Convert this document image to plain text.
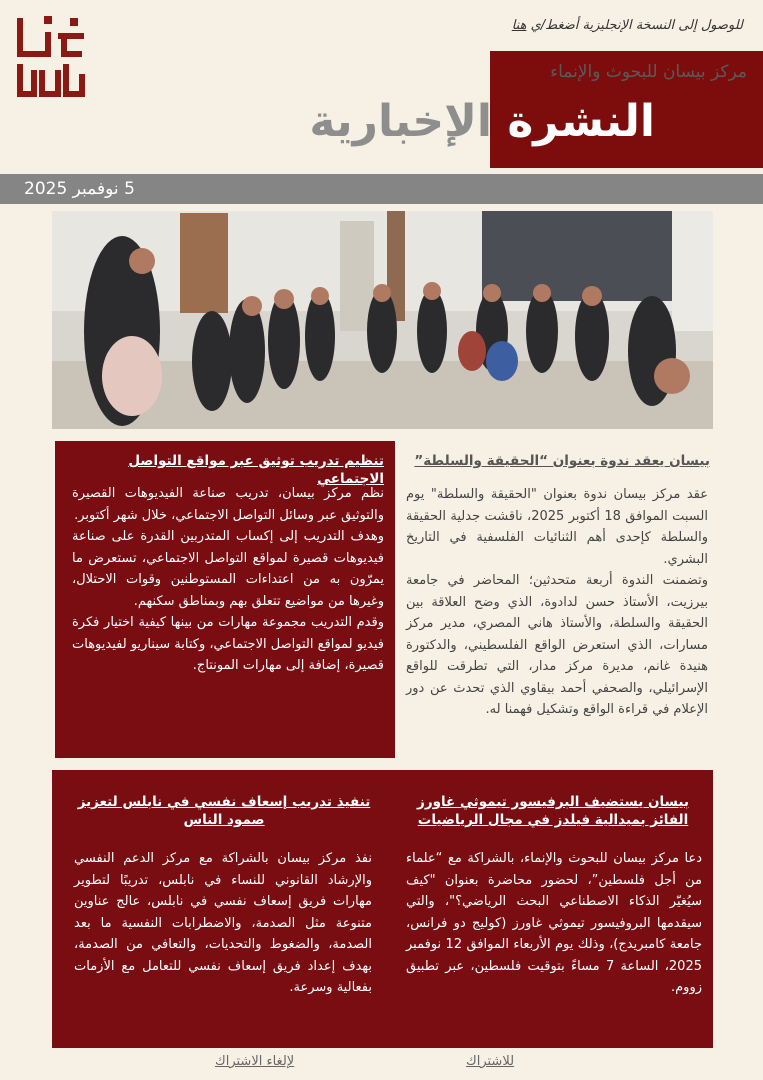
للوصول إلى النسخة الإنجليزية أضغط/ي هنا
مركز بيسان للبحوث والإنماء
النشرة الإخبارية
5 نوفمبر 2025
بيسان يعقد ندوة بعنوان “الحقيقة والسلطة”

عقد مركز بيسان ندوة بعنوان "الحقيقة والسلطة" يوم السبت الموافق 18 أكتوبر 2025، ناقشت جدلية الحقيقة والسلطة كإحدى أهم الثنائيات الفلسفية في التاريخ البشري.

وتضمنت الندوة أربعة متحدثين؛ المحاضر في جامعة بيرزيت، الأستاذ حسن لدادوة، الذي وضح العلاقة بين الحقيقة والسلطة، والأستاذ هاني المصري، مدير مركز مسارات، الذي استعرض الواقع الفلسطيني، والدكتورة هنيدة غانم، مديرة مركز مدار، التي تطرقت للواقع الإسرائيلي، والصحفي أحمد بيقاوي الذي تحدث عن دور الإعلام في قراءة الواقع وتشكيل فهمنا له.

تنظيم تدريب توثيق عبر مواقع التواصل الاجتماعي

نظم مركز بيسان، تدريب صناعة الفيديوهات القصيرة والتوثيق عبر وسائل التواصل الاجتماعي، خلال شهر أكتوبر.

وهدف التدريب إلى إكساب المتدربين القدرة على صناعة فيديوهات قصيرة لمواقع التواصل الاجتماعي، تستعرض ما يمرّون به من اعتداءات المستوطنين وقوات الاحتلال، وغيرها من مواضيع تتعلق بهم وبمناطق سكنهم.

وقدم التدريب مجموعة مهارات من بينها كيفية اختيار فكرة فيديو لمواقع التواصل الاجتماعي، وكتابة سيناريو لفيديوهات قصيرة، إضافة إلى مهارات المونتاج.

بيسان يستضيف البرفيسور تيموثي غاورز الفائز بميدالية فيلدز في مجال الرياضيات

دعا مركز بيسان للبحوث والإنماء، بالشراكة مع “علماء من أجل فلسطين”، لحضور محاضرة بعنوان "كيف سيُغيّر الذكاء الاصطناعي البحث الرياضي؟"، والتي سيقدمها البروفيسور تيموثي غاورز (كوليج دو فرانس، جامعة كامبريدج)، وذلك يوم الأربعاء الموافق 12 نوفمبر 2025، الساعة 7 مساءً بتوقيت فلسطين، عبر تطبيق زووم.

تنفيذ تدريب إسعاف نفسي في نابلس لتعزيز صمود الناس

نفذ مركز بيسان بالشراكة مع مركز الدعم النفسي والإرشاد القانوني للنساء في نابلس، تدريبًا لتطوير مهارات فريق إسعاف نفسي في نابلس، عالج عناوين متنوعة مثل الصدمة، والاضطرابات النفسية ما بعد الصدمة، والضغوط والتحديات، والتعافي من الصدمة، بهدف إعداد فريق إسعاف نفسي للتعامل مع الأزمات بفعالية وسرعة.

للاشتراك
لإلغاء الاشتراك
